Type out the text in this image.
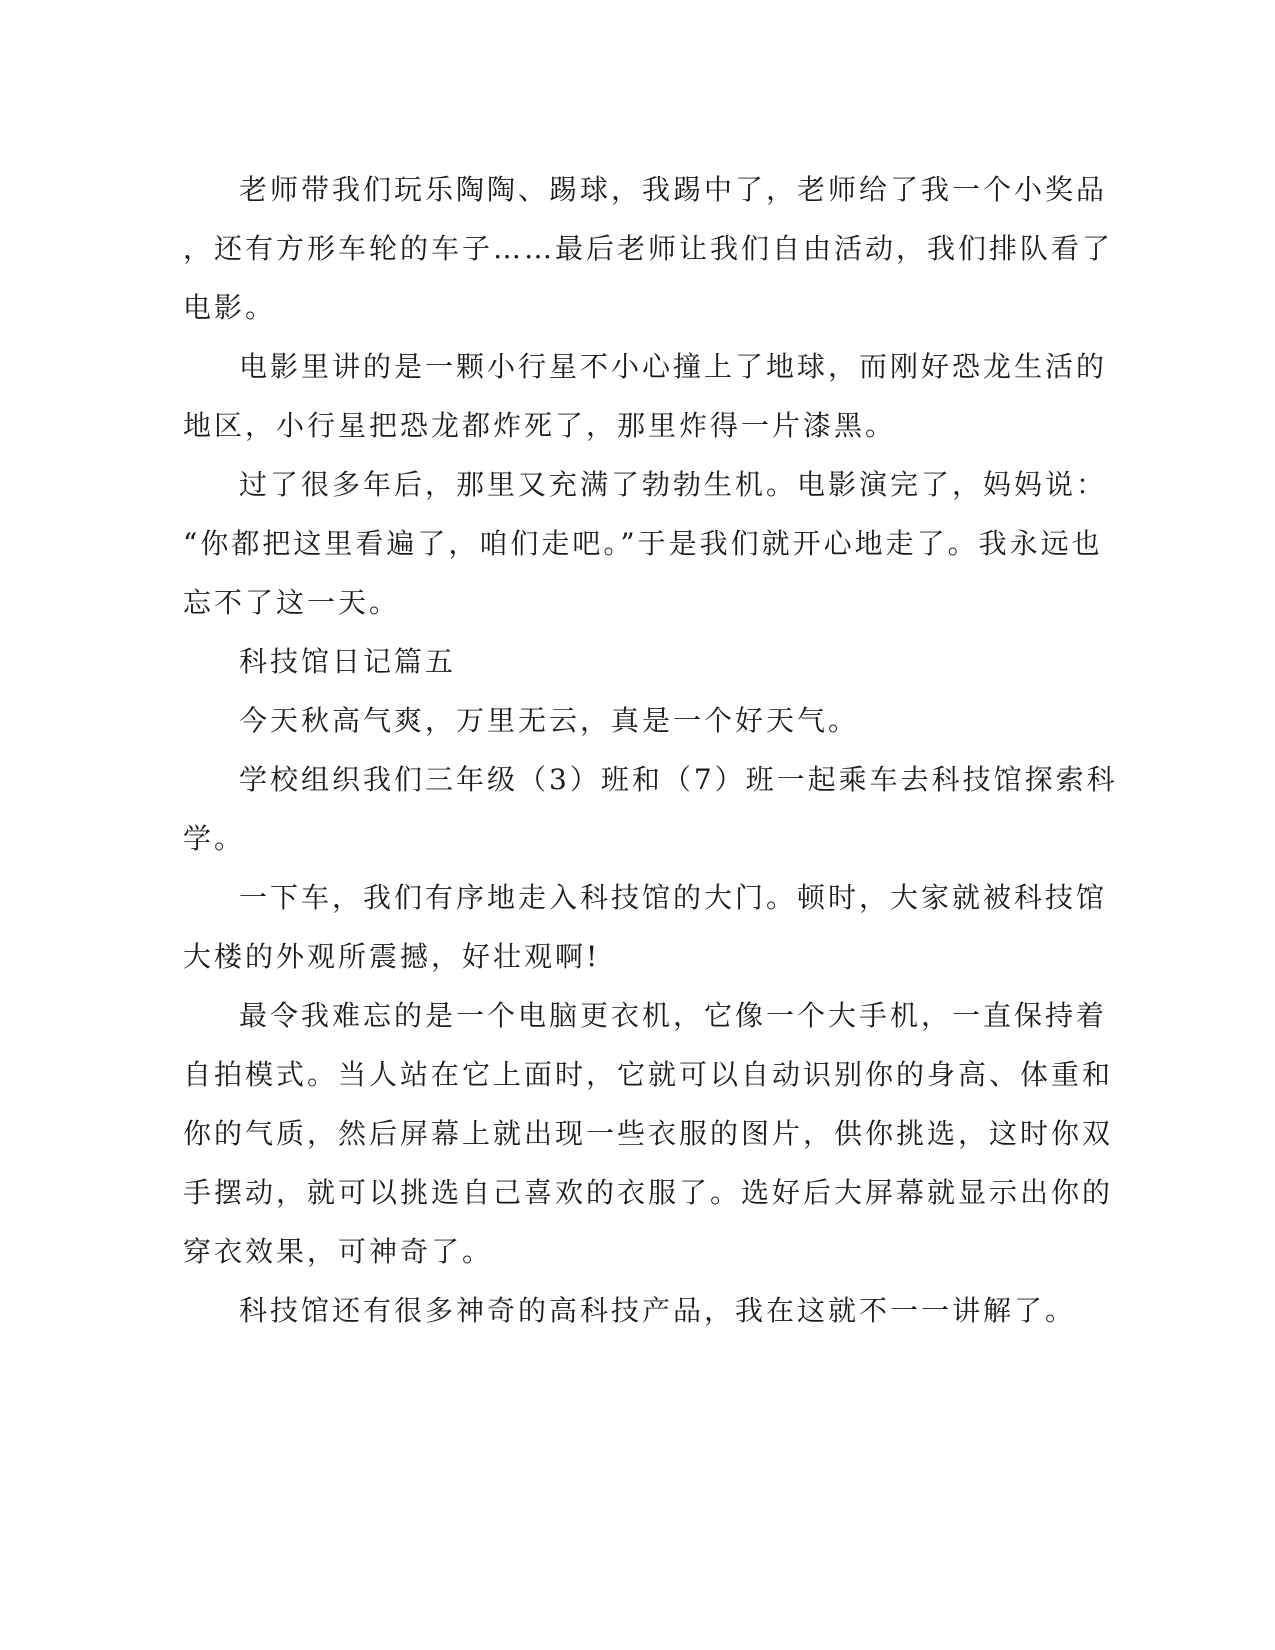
老师带我们玩乐陶陶、踢球，我踢中了，老师给了我一个小奖品
，还有方形车轮的车子……最后老师让我们自由活动，我们排队看了
电影。

电影里讲的是一颗小行星不小心撞上了地球，而刚好恐龙生活的
地区，小行星把恐龙都炸死了，那里炸得一片漆黑。

过了很多年后，那里又充满了勃勃生机。电影演完了，妈妈说：
“你都把这里看遍了，咱们走吧。”于是我们就开心地走了。我永远也
忘不了这一天。

科技馆日记篇五

今天秋高气爽，万里无云，真是一个好天气。

学校组织我们三年级（3）班和（7）班一起乘车去科技馆探索科
学。

一下车，我们有序地走入科技馆的大门。顿时，大家就被科技馆
大楼的外观所震撼，好壮观啊!

最令我难忘的是一个电脑更衣机，它像一个大手机，一直保持着
自拍模式。当人站在它上面时，它就可以自动识别你的身高、体重和
你的气质，然后屏幕上就出现一些衣服的图片，供你挑选，这时你双
手摆动，就可以挑选自己喜欢的衣服了。选好后大屏幕就显示出你的
穿衣效果，可神奇了。

科技馆还有很多神奇的高科技产品，我在这就不一一讲解了。
